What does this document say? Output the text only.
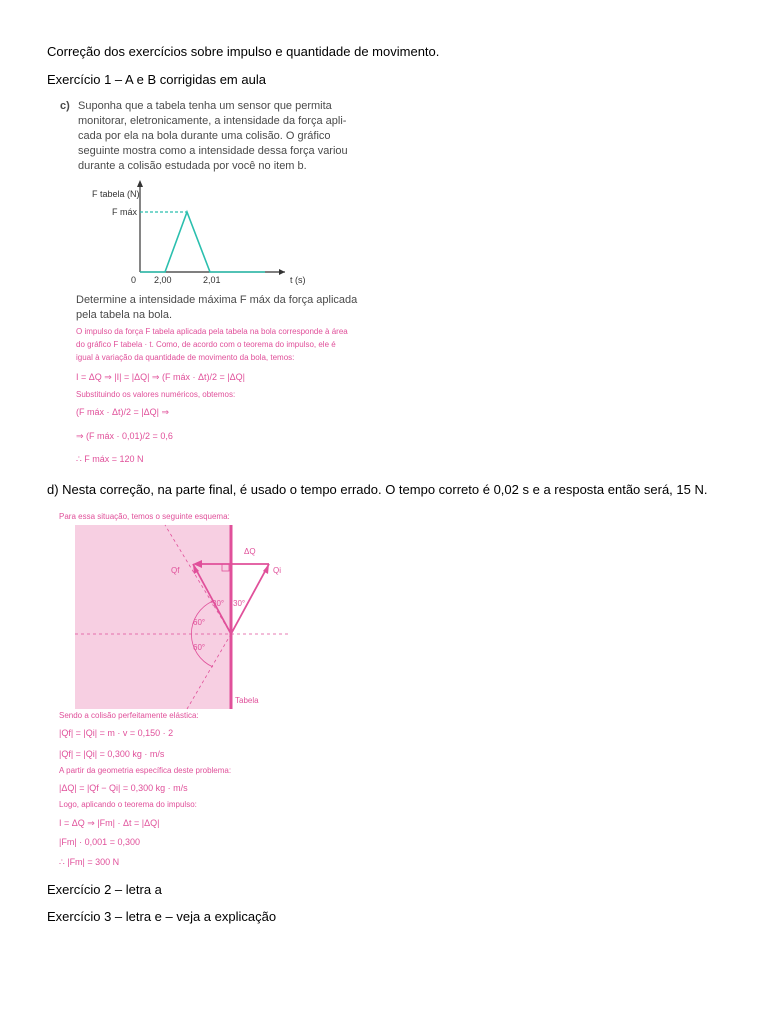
Correção dos exercícios sobre impulso e quantidade de movimento.
Exercício 1 – A e B corrigidas em aula
c) Suponha que a tabela tenha um sensor que permita
monitorar, eletronicamente, a intensidade da força apli-
cada por ela na bola durante uma colisão. O gráfico
seguinte mostra como a intensidade dessa força variou
durante a colisão estudada por você no item b.
F tabela (N)
F máx
t (s)
0 2,00	2,01
Determine a intensidade máxima F máx da força aplicada
pela tabela na bola.
O impulso da força F tabela aplicada pela tabela na bola corresponde à área
do gráfico F tabela · t. Como, de acordo com o teorema do impulso, ele é
igual à variação da quantidade de movimento da bola, temos:
I = ΔQ ⇒ |I| = |ΔQ| ⇒ (F máx · Δt)/2 = |ΔQ|
Substituindo os valores numéricos, obtemos:
(F máx · Δt)/2 = |ΔQ| ⇒
⇒ (F máx · 0,01)/2 = 0,6
∴ F máx = 120 N
d) Nesta correção, na parte final, é usado o tempo errado. O tempo correto é 0,02 s e a resposta então será, 15 N.
Para essa situação, temos o seguinte esquema:
ΔQ
Qf	Qi
30° 30°
60°
60°
Tabela
Sendo a colisão perfeitamente elástica:
|Qf| = |Qi| = m · v = 0,150 · 2
|Qf| = |Qi| = 0,300 kg · m/s
A partir da geometria específica deste problema:
|ΔQ| = |Qf − Qi| = 0,300 kg · m/s
Logo, aplicando o teorema do impulso:
I = ΔQ ⇒ |Fm| · Δt = |ΔQ|
|Fm| · 0,001 = 0,300
∴ |Fm| = 300 N
Exercício 2 – letra a
Exercício 3 – letra e – veja a explicação
